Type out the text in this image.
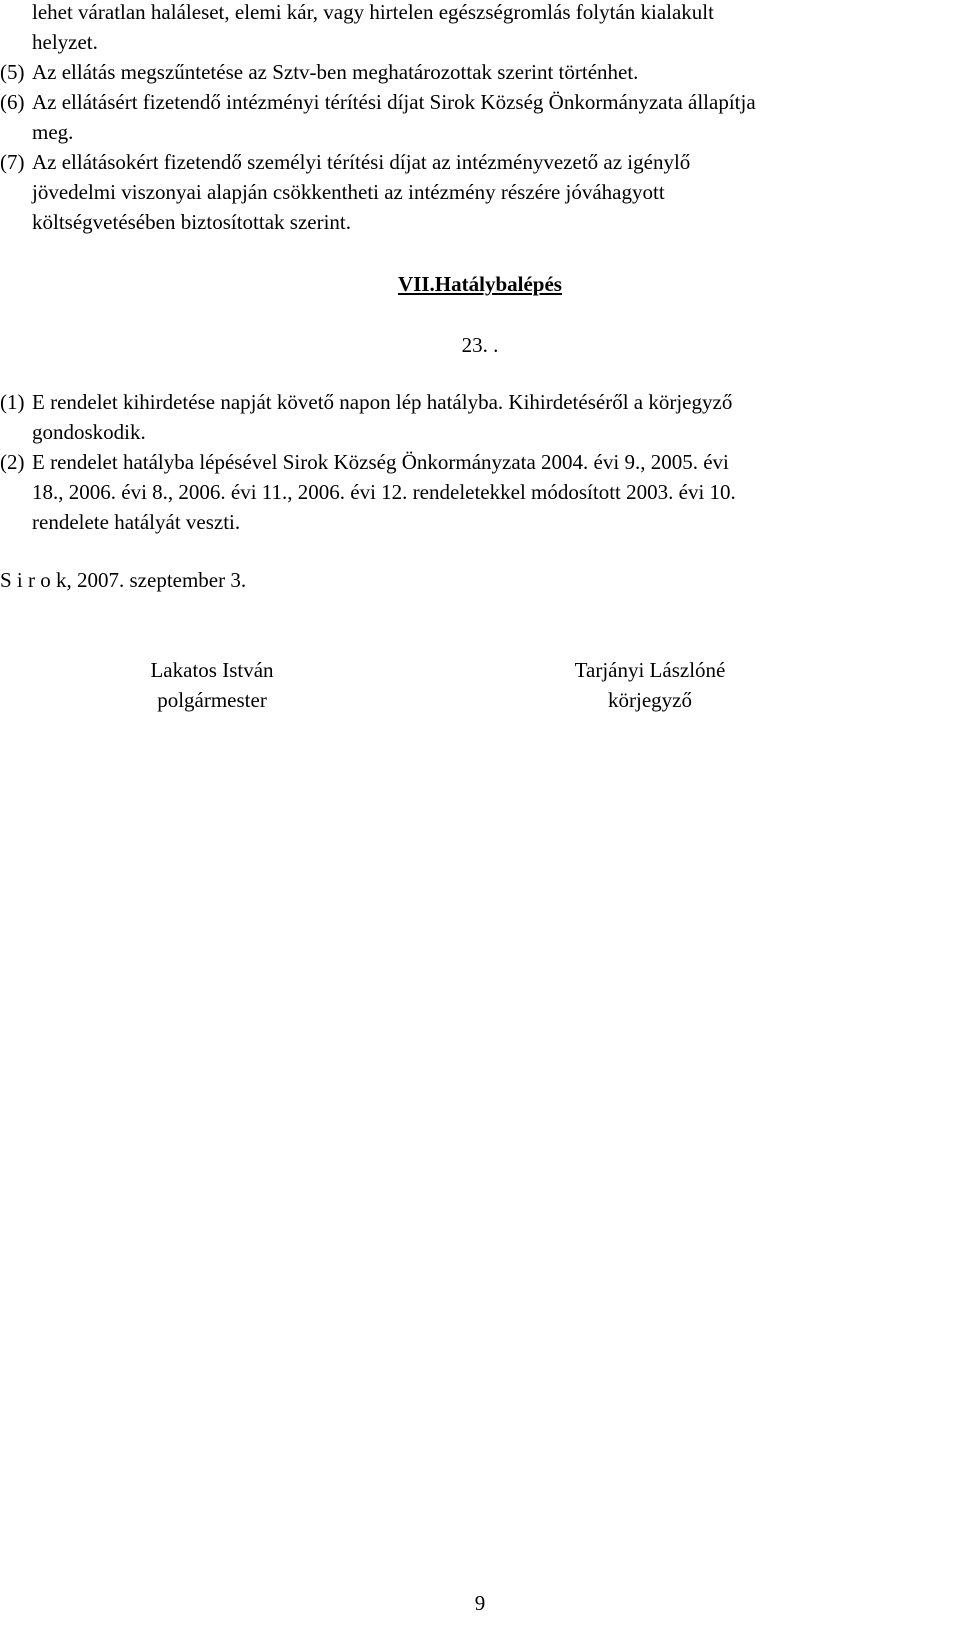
lehet váratlan haláleset, elemi kár, vagy hirtelen egészségromlás folytán kialakult
helyzet.
(5) Az ellátás megszűntetése az Sztv-ben meghatározottak szerint történhet.
(6) Az ellátásért fizetendő intézményi térítési díjat Sirok Község Önkormányzata állapítja
meg.
(7) Az ellátásokért fizetendő személyi térítési díjat az intézményvezető az igénylő
jövedelmi viszonyai alapján csökkentheti az intézmény részére jóváhagyott
költségvetésében biztosítottak szerint.
VII.Hatálybalépés
23. .
(1) E rendelet kihirdetése napját követő napon lép hatályba. Kihirdetéséről a körjegyző
gondoskodik.
(2) E rendelet hatályba lépésével Sirok Község Önkormányzata 2004. évi 9., 2005. évi
18., 2006. évi 8., 2006. évi 11., 2006. évi 12. rendeletekkel módosított 2003. évi 10.
rendelete hatályát veszti.
S i r o k, 2007. szeptember 3.
Lakatos István
polgármester
Tarjányi Lászlóné
körjegyző
9
